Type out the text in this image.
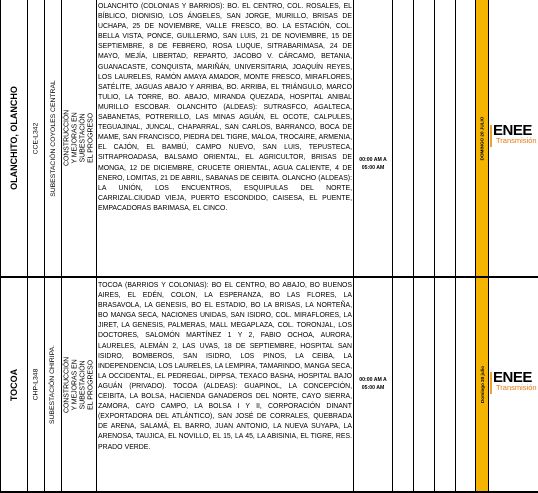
OLANCHITO, OLANCHO CCE-L342 SUBESTACIÓN COYOLES CENTRAL CONSTRUCCIÓN Y MEJORAS EN SUBESTACIÓN EL PROGRESO
OLANCHITO (COLONIAS Y BARRIOS): BO. EL CENTRO, COL. ROSALES, EL BÍBLICO, DIONISIO, LOS ÁNGELES, SAN JORGE, MURILLO, BRISAS DE UCHAPA, 25 DE NOVIEMBRE, VALLE FRESCO, BO. LA ESTACIÓN, COL. BELLA VISTA, PONCE, GUILLERMO, SAN LUIS, 21 DE NOVIEMBRE, 15 DE SEPTIEMBRE, 8 DE FEBRERO, ROSA LUQUE, SITRABARIMASA, 24 DE MAYO, MEJÍA, LIBERTAD, REPARTO, JACOBO V. CÁRCAMO, BETANIA, GUANACASTE, CONQUISTA, MARIÑÁN, UNIVERSITARIA, JOAQUÍN REYES, LOS LAURELES, RAMÓN AMAYA AMADOR, MONTE FRESCO, MIRAFLORES, SATÉLITE, JAGUAS ABAJO Y ARRIBA, BO. ARRIBA, EL TRIÁNGULO, MARCO TULIO, LA TORRE, BO. ABAJO, MIRANDA QUEZADA, HOSPITAL ANIBAL MURILLO ESCOBAR. OLANCHITO (ALDEAS): SUTRASFCO, AGALTECA, SABANETAS, POTRERILLO, LAS MINAS AGUÁN, EL OCOTE, CALPULES, TEGUAJINAL, JUNCAL, CHAPARRAL, SAN CARLOS, BARRANCO, BOCA DE MAME, SAN FRANCISCO, PIEDRA DEL TIGRE, MALOA, TROCAIRE, ARMENIA, EL CAJÓN, EL BAMBÚ, CAMPO NUEVO, SAN LUIS, TEPUSTECA, SITRAPROADASA, BALSAMO ORIENTAL, EL AGRICULTOR, BRISAS DE MONGA, 12 DE DICIEMBRE, CRUCETE ORIENTAL, AGUA CALIENTE, 4 DE ENERO, LOMITAS, 21 DE ABRIL, SABANAS DE CEIBITA. OLANCHO (ALDEAS): LA UNIÓN, LOS ENCUENTROS, ESQUIPULAS DEL NORTE, CARRIZAL.CIUDAD VIEJA, PUERTO ESCONDIDO, CAISESA, EL PUENTE, EMPACADORAS BARIMASA, EL CINCO.
00:00 AM A 05:00 AM
DOMINGO 20 JULIO ENEE
Transmisión
TOCOA CHP-L348 SUBESTACIÓN CHIRIPA. CONSTRUCCIÓN Y MEJORAS EN SUBESTACIÓN EL PROGRESO
TOCOA (BARRIOS Y COLONIAS): BO EL CENTRO, BO ABAJO, BO BUENOS AIRES, EL EDÉN, COLON, LA ESPERANZA, BO LAS FLORES, LA BRASAVOLA, LA GENESIS, BO EL ESTADIO, BO LA BRISAS, LA NORTEÑA, BO MANGA SECA, NACIONES UNIDAS, SAN ISIDRO, COL. MIRAFLORES, LA JIRET, LA GENESIS, PALMERAS, MALL MEGAPLAZA, COL. TORONJAL, LOS DOCTORES, SALOMÓN MARTÍNEZ 1 Y 2, FABIO OCHOA, AURORA, LAURELES, ALEMÁN 2, LAS UVAS, 18 DE SEPTIEMBRE, HOSPITAL SAN ISIDRO, BOMBEROS, SAN ISIDRO, LOS PINOS, LA CEIBA, LA INDEPENDENCIA, LOS LAURELES, LA LEMPIRA, TAMARINDO, MANGA SECA, LA OCCIDENTAL, EL PEDREGAL, DIPPSA, TEXACO BASHA, HOSPITAL BAJO AGUÁN (PRIVADO). TOCOA (ALDEAS): GUAPINOL, LA CONCEPCIÓN, CEIBITA, LA BOLSA, HACIENDA GANADEROS DEL NORTE, CAYO SIERRA, ZAMORA, CAYO CAMPO, LA BOLSA I Y II, CORPORACIÓN DINANT (EXPORTADORA DEL ATLÁNTICO), SAN JOSÉ DE CORRALES, QUEBRADA DE ARENA, SALAMÁ, EL BARRO, JUAN ANTONIO, LA NUEVA SUYAPA, LA ARENOSA, TAUJICA, EL NOVILLO, EL 15, LA 45, LA ABISINIA, EL TIGRE, RES. PRADO VERDE.
00:00 AM A 05:00 AM	Domingo 20 julio ENEE
Transmisión
